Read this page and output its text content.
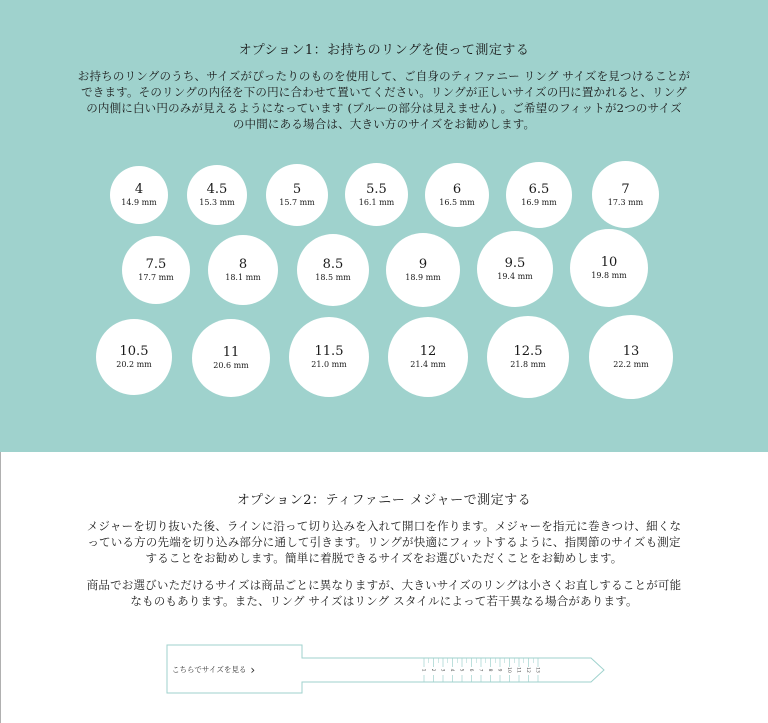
オプション1：お持ちのリングを使って測定する
お持ちのリングのうち、サイズがぴったりのものを使用して、ご自身のティファニー リング サイズを見つけることが
できます。そのリングの内径を下の円に合わせて置いてください。リングが正しいサイズの円に置かれると、リング
の内側に白い円のみが見えるようになっています (ブルーの部分は見えません) 。ご希望のフィットが2つのサイズ
の中間にある場合は、大きい方のサイズをお勧めします。
4
14.9 mm
4.5
15.3 mm
5
15.7 mm
5.5
16.1 mm
6
16.5 mm
6.5
16.9 mm
7
17.3 mm
7.5
17.7 mm
8
18.1 mm
8.5
18.5 mm
9
18.9 mm
9.5
19.4 mm
10
19.8 mm
10.5
20.2 mm
11
20.6 mm
11.5
21.0 mm
12
21.4 mm
12.5
21.8 mm
13
22.2 mm
オプション2：ティファニー メジャーで測定する
メジャーを切り抜いた後、ラインに沿って切り込みを入れて開口を作ります。メジャーを指元に巻きつけ、細くな
っている方の先端を切り込み部分に通して引きます。リングが快適にフィットするように、指関節のサイズも測定
することをお勧めします。簡単に着脱できるサイズをお選びいただくことをお勧めします。
商品でお選びいただけるサイズは商品ごとに異なりますが、大きいサイズのリングは小さくお直しすることが可能
なものもあります。また、リング サイズはリング スタイルによって若干異なる場合があります。
1 2 3 4 5 6 7 8 9 10 11 12 13
こちらでサイズを見る ›
